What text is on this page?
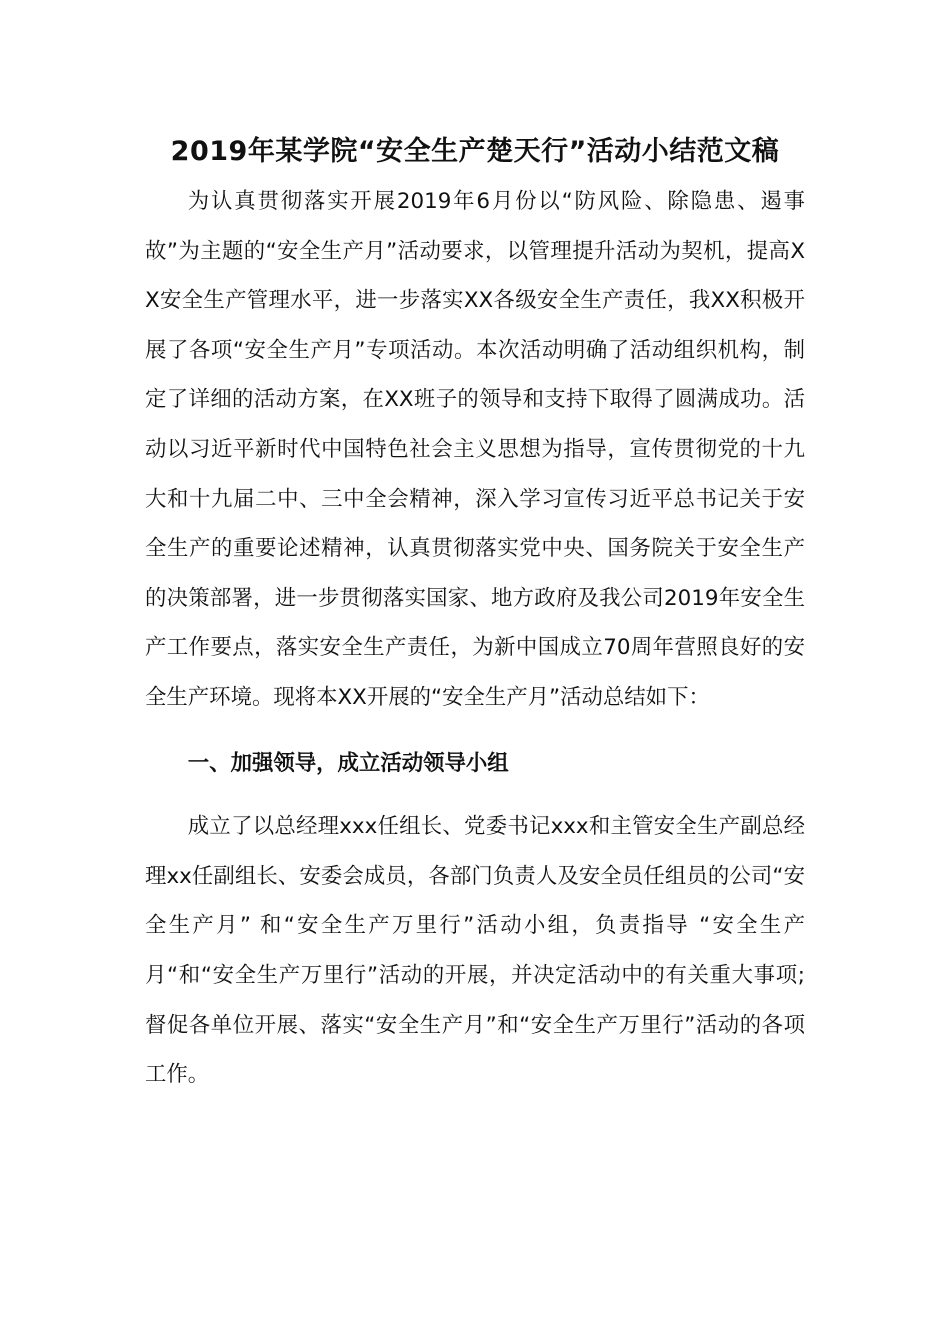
2019年某学院“安全生产楚天行”活动小结范文稿

为认真贯彻落实开展2019年6月份以“防风险、除隐患、遏事故”为主题的“安全生产月”活动要求，以管理提升活动为契机，提高XX安全生产管理水平，进一步落实XX各级安全生产责任，我XX积极开展了各项“安全生产月”专项活动。本次活动明确了活动组织机构，制定了详细的活动方案，在XX班子的领导和支持下取得了圆满成功。活动以习近平新时代中国特色社会主义思想为指导，宣传贯彻党的十九大和十九届二中、三中全会精神，深入学习宣传习近平总书记关于安全生产的重要论述精神，认真贯彻落实党中央、国务院关于安全生产的决策部署，进一步贯彻落实国家、地方政府及我公司2019年安全生产工作要点，落实安全生产责任，为新中国成立70周年营照良好的安全生产环境。现将本XX开展的“安全生产月”活动总结如下：

一、加强领导，成立活动领导小组

成立了以总经理xxx任组长、党委书记xxx和主管安全生产副总经理xx任副组长、安委会成员，各部门负责人及安全员任组员的公司“安全生产月” 和“安全生产万里行”活动小组，负责指导 “安全生产月“和“安全生产万里行”活动的开展，并决定活动中的有关重大事项;督促各单位开展、落实“安全生产月”和“安全生产万里行”活动的各项工作。
